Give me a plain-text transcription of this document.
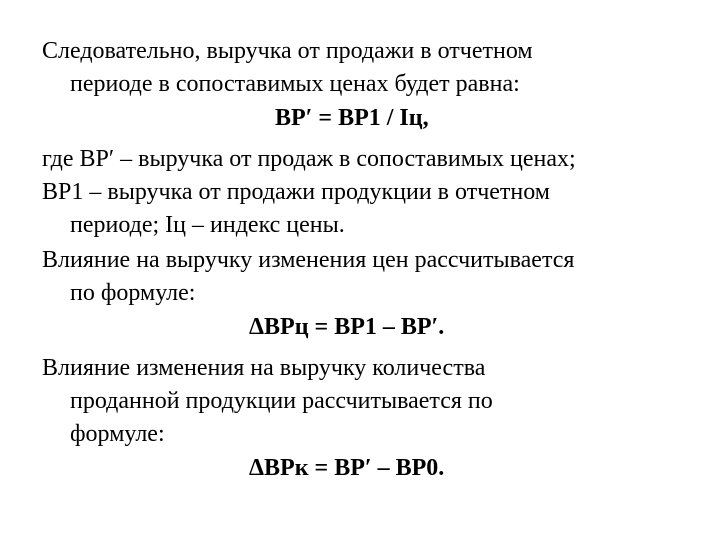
Следовательно, выручка от продажи в отчетном
периоде в сопоставимых ценах будет равна:
ВР′ = ВР1 / Iц,
где ВР′ – выручка от продаж в сопоставимых ценах;
ВР1 – выручка от продажи продукции в отчетном
периоде; Iц – индекс цены.
Влияние на выручку изменения цен рассчитывается
по формуле:
ΔВРц = ВР1 – ВР′.
Влияние изменения на выручку количества
проданной продукции рассчитывается по
формуле:
ΔВРк = ВР′ – ВР0.
